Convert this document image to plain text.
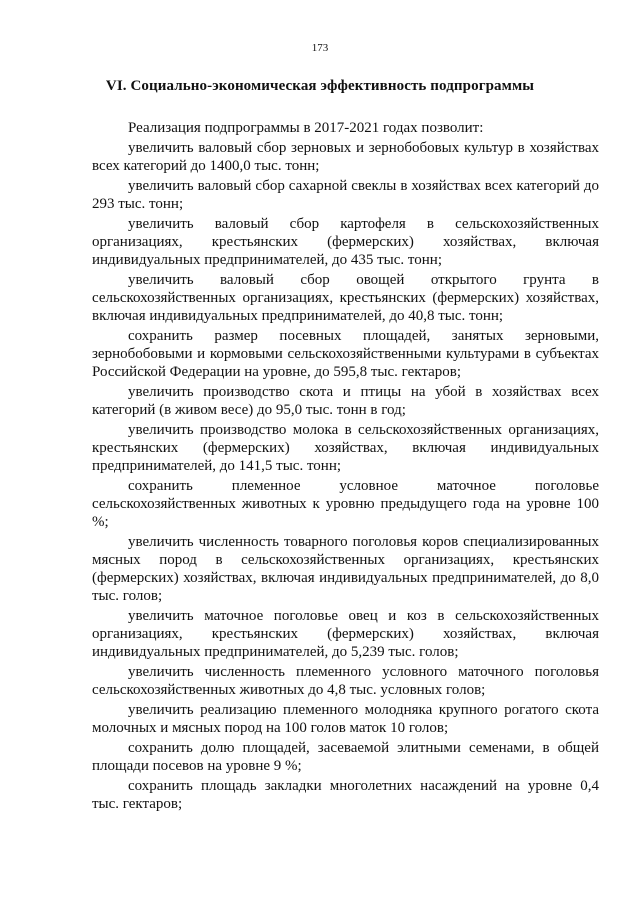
173
VI. Социально-экономическая эффективность подпрограммы
Реализация подпрограммы в 2017-2021 годах позволит:

увеличить валовый сбор зерновых и зернобобовых культур в хозяйствах всех категорий до 1400,0 тыс. тонн;

увеличить валовый сбор сахарной свеклы в хозяйствах всех категорий до 293 тыс. тонн;

увеличить валовый сбор картофеля в сельскохозяйственных организациях, крестьянских (фермерских) хозяйствах, включая индивидуальных предпринимателей, до 435 тыс. тонн;

увеличить валовый сбор овощей открытого грунта в сельскохозяйственных организациях, крестьянских (фермерских) хозяйствах, включая индивидуальных предпринимателей, до 40,8 тыс. тонн;

сохранить размер посевных площадей, занятых зерновыми, зернобобовыми и кормовыми сельскохозяйственными культурами в субъектах Российской Федерации на уровне, до 595,8 тыс. гектаров;

увеличить производство скота и птицы на убой в хозяйствах всех категорий (в живом весе) до 95,0 тыс. тонн в год;

увеличить производство молока в сельскохозяйственных организациях, крестьянских (фермерских) хозяйствах, включая индивидуальных предпринимателей, до 141,5 тыс. тонн;

сохранить племенное условное маточное поголовье сельскохозяйственных животных к уровню предыдущего года на уровне 100 %;

увеличить численность товарного поголовья коров специализированных мясных пород в сельскохозяйственных организациях, крестьянских (фермерских) хозяйствах, включая индивидуальных предпринимателей, до 8,0 тыс. голов;

увеличить маточное поголовье овец и коз в сельскохозяйственных организациях, крестьянских (фермерских) хозяйствах, включая индивидуальных предпринимателей, до 5,239 тыс. голов;

увеличить численность племенного условного маточного поголовья сельскохозяйственных животных до 4,8 тыс. условных голов;

увеличить реализацию племенного молодняка крупного рогатого скота молочных и мясных пород на 100 голов маток 10 голов;

сохранить долю площадей, засеваемой элитными семенами, в общей площади посевов на уровне 9 %;

сохранить площадь закладки многолетних насаждений на уровне 0,4 тыс. гектаров;
